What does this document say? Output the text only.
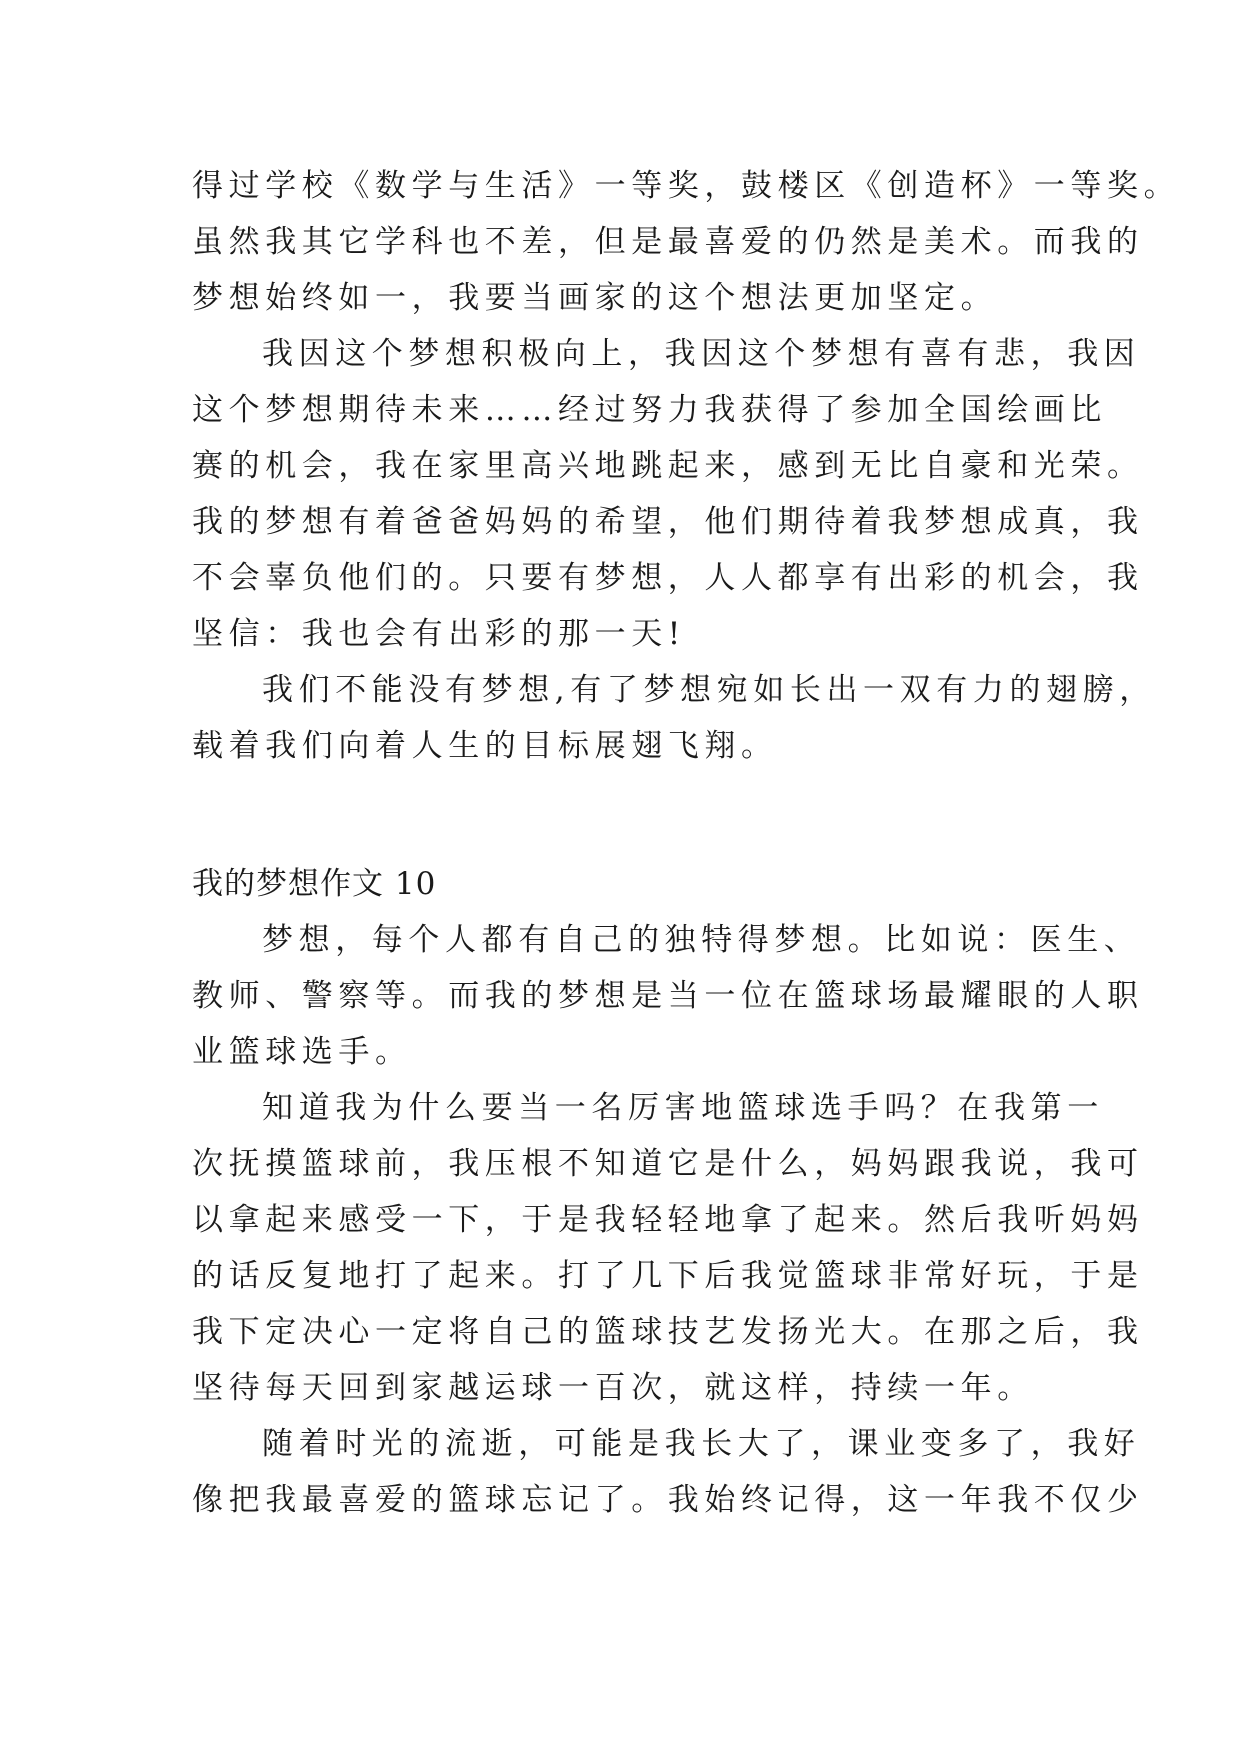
得过学校《数学与生活》一等奖，鼓楼区《创造杯》一等奖。
虽然我其它学科也不差，但是最喜爱的仍然是美术。而我的
梦想始终如一，我要当画家的这个想法更加坚定。
我因这个梦想积极向上，我因这个梦想有喜有悲，我因
这个梦想期待未来……经过努力我获得了参加全国绘画比
赛的机会，我在家里高兴地跳起来，感到无比自豪和光荣。
我的梦想有着爸爸妈妈的希望，他们期待着我梦想成真，我
不会辜负他们的。只要有梦想，人人都享有出彩的机会，我
坚信：我也会有出彩的那一天!
我们不能没有梦想,有了梦想宛如长出一双有力的翅膀，
载着我们向着人生的目标展翅飞翔。
我的梦想作文 10
梦想，每个人都有自己的独特得梦想。比如说：医生、
教师、警察等。而我的梦想是当一位在篮球场最耀眼的人职
业篮球选手。
知道我为什么要当一名厉害地篮球选手吗？在我第一
次抚摸篮球前，我压根不知道它是什么，妈妈跟我说，我可
以拿起来感受一下，于是我轻轻地拿了起来。然后我听妈妈
的话反复地打了起来。打了几下后我觉篮球非常好玩，于是
我下定决心一定将自己的篮球技艺发扬光大。在那之后，我
坚待每天回到家越运球一百次，就这样，持续一年。
随着时光的流逝，可能是我长大了，课业变多了，我好
像把我最喜爱的篮球忘记了。我始终记得，这一年我不仅少
